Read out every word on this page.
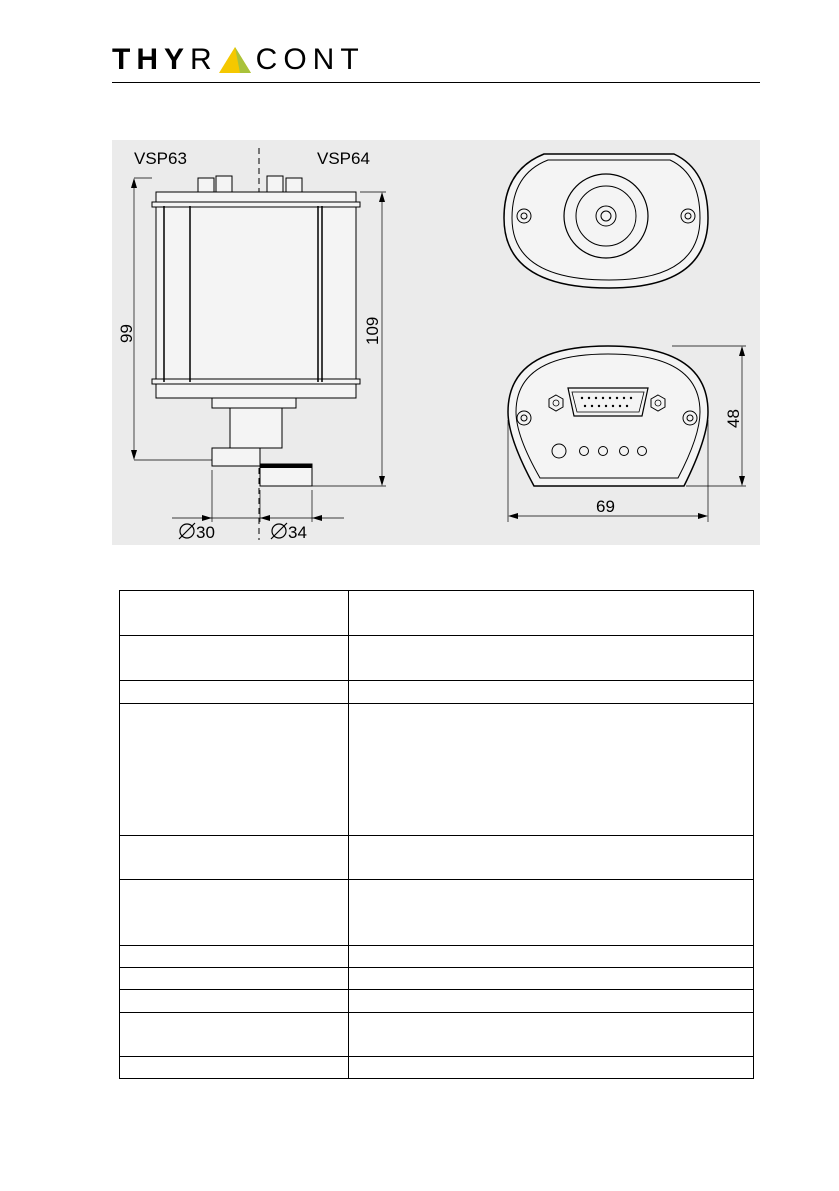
THY R CONT
VSP63	VSP64
99	109
30	34
48
69
